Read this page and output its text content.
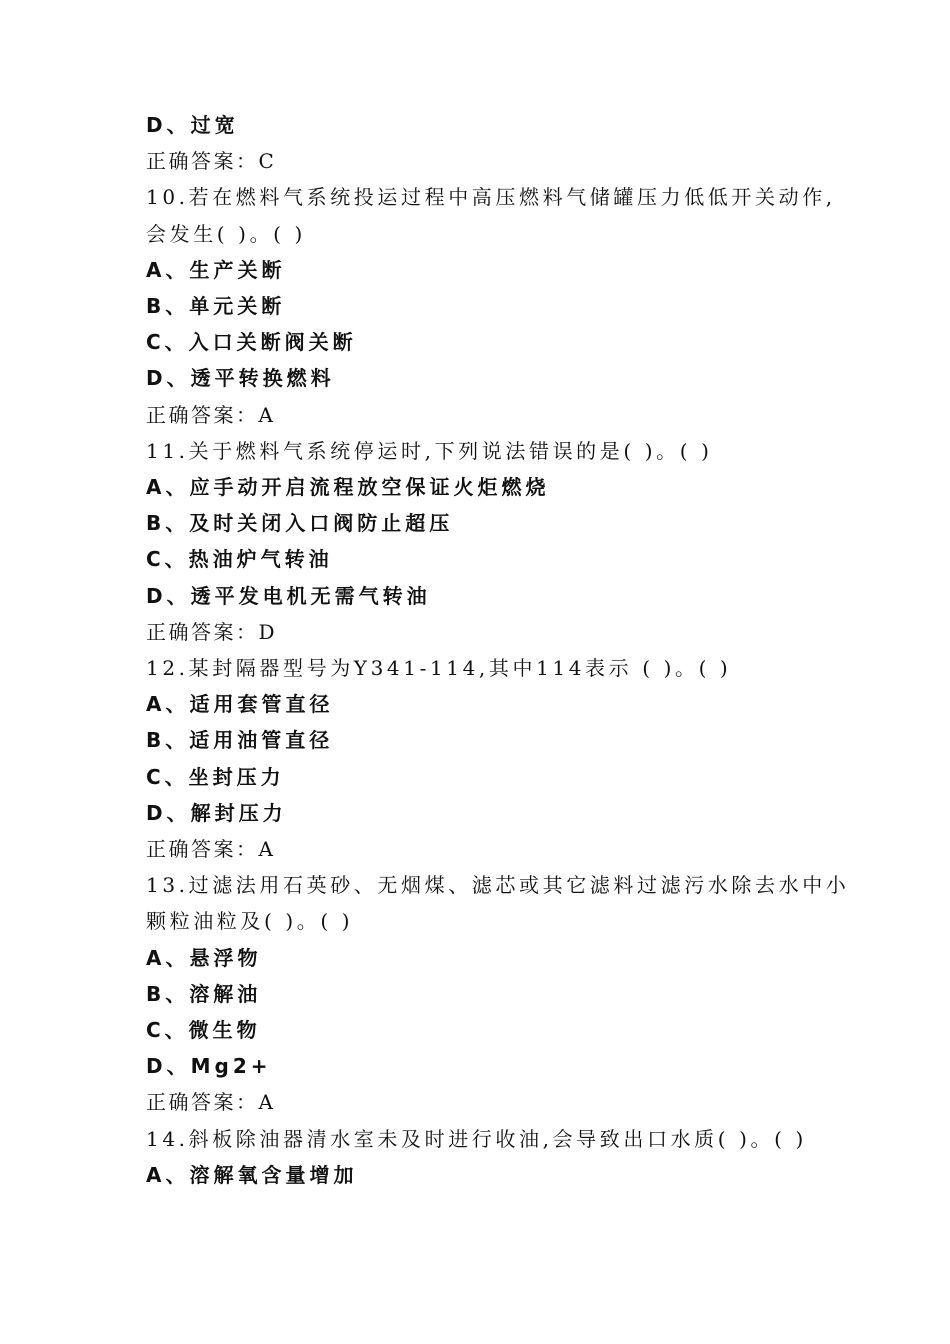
D、过宽
正确答案：C
10.若在燃料气系统投运过程中高压燃料气储罐压力低低开关动作,
会发生( )。( )
A、生产关断
B、单元关断
C、入口关断阀关断
D、透平转换燃料
正确答案：A
11.关于燃料气系统停运时,下列说法错误的是( )。( )
A、应手动开启流程放空保证火炬燃烧
B、及时关闭入口阀防止超压
C、热油炉气转油
D、透平发电机无需气转油
正确答案：D
12.某封隔器型号为Y341-114,其中114表示 ( )。( )
A、适用套管直径
B、适用油管直径
C、坐封压力
D、解封压力
正确答案：A
13.过滤法用石英砂、无烟煤、滤芯或其它滤料过滤污水除去水中小
颗粒油粒及( )。( )
A、悬浮物
B、溶解油
C、微生物
D、Mg2+
正确答案：A
14.斜板除油器清水室未及时进行收油,会导致出口水质( )。( )
A、溶解氧含量增加
